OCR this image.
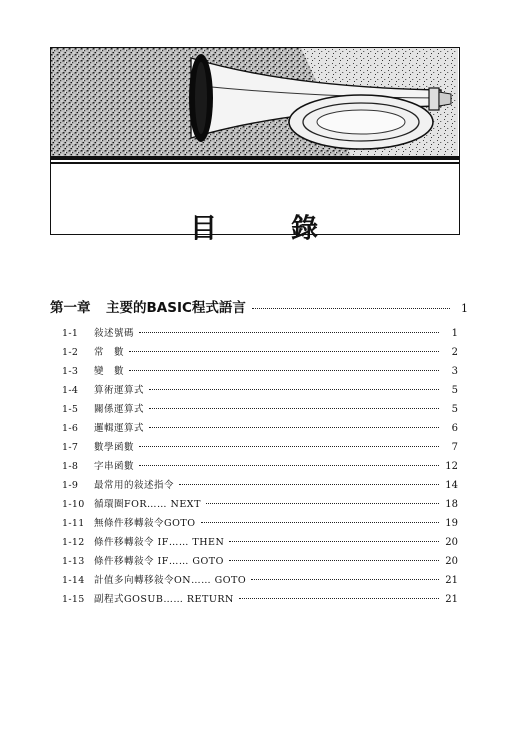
目	錄
第一章	主要的BASIC程式語言	1
1-1	敍述號碼	1
1-2	常　數	2
1-3	變　數	3
1-4	算術運算式	5
1-5	關係運算式	5
1-6	邏輯運算式	6
1-7	數學函數	7
1-8	字串函數	12
1-9	最常用的敍述指令	14
1-10 循環圈FOR…… NEXT	18
1-11 無條件移轉敍令GOTO	19
1-12 條件移轉敍令 IF…… THEN	20
1-13 條件移轉敍令 IF…… GOTO	20
1-14 計值多向轉移敍令ON…… GOTO	21
1-15 副程式GOSUB…… RETURN	21
